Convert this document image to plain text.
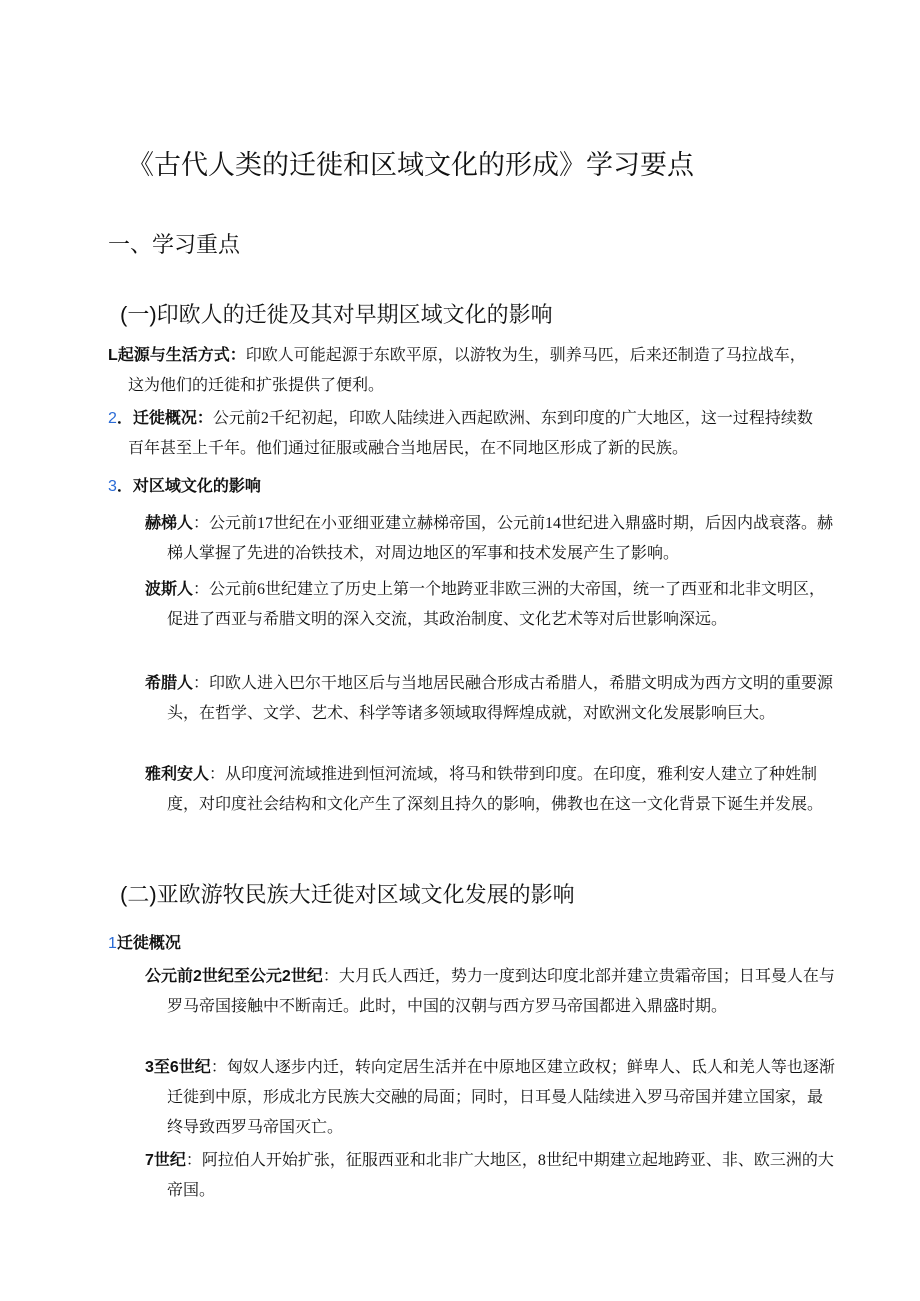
《古代人类的迁徙和区域文化的形成》学习要点
一、学习重点
(一)印欧人的迁徙及其对早期区域文化的影响
L起源与生活方式：印欧人可能起源于东欧平原，以游牧为生，驯养马匹，后来还制造了马拉战车，这为他们的迁徙和扩张提供了便利。
2．迁徙概况：公元前2千纪初起，印欧人陆续进入西起欧洲、东到印度的广大地区，这一过程持续数百年甚至上千年。他们通过征服或融合当地居民，在不同地区形成了新的民族。
3．对区域文化的影响
赫梯人：公元前17世纪在小亚细亚建立赫梯帝国，公元前14世纪进入鼎盛时期，后因内战衰落。赫梯人掌握了先进的冶铁技术，对周边地区的军事和技术发展产生了影响。
波斯人：公元前6世纪建立了历史上第一个地跨亚非欧三洲的大帝国，统一了西亚和北非文明区，促进了西亚与希腊文明的深入交流，其政治制度、文化艺术等对后世影响深远。
希腊人：印欧人进入巴尔干地区后与当地居民融合形成古希腊人，希腊文明成为西方文明的重要源头，在哲学、文学、艺术、科学等诸多领域取得辉煌成就，对欧洲文化发展影响巨大。
雅利安人：从印度河流域推进到恒河流域，将马和铁带到印度。在印度，雅利安人建立了种姓制度，对印度社会结构和文化产生了深刻且持久的影响，佛教也在这一文化背景下诞生并发展。
(二)亚欧游牧民族大迁徙对区域文化发展的影响
1迁徙概况
公元前2世纪至公元2世纪：大月氏人西迁，势力一度到达印度北部并建立贵霜帝国；日耳曼人在与罗马帝国接触中不断南迁。此时，中国的汉朝与西方罗马帝国都进入鼎盛时期。
3至6世纪：匈奴人逐步内迁，转向定居生活并在中原地区建立政权；鲜卑人、氐人和羌人等也逐渐迁徙到中原，形成北方民族大交融的局面；同时，日耳曼人陆续进入罗马帝国并建立国家，最终导致西罗马帝国灭亡。
7世纪：阿拉伯人开始扩张，征服西亚和北非广大地区，8世纪中期建立起地跨亚、非、欧三洲的大帝国。
